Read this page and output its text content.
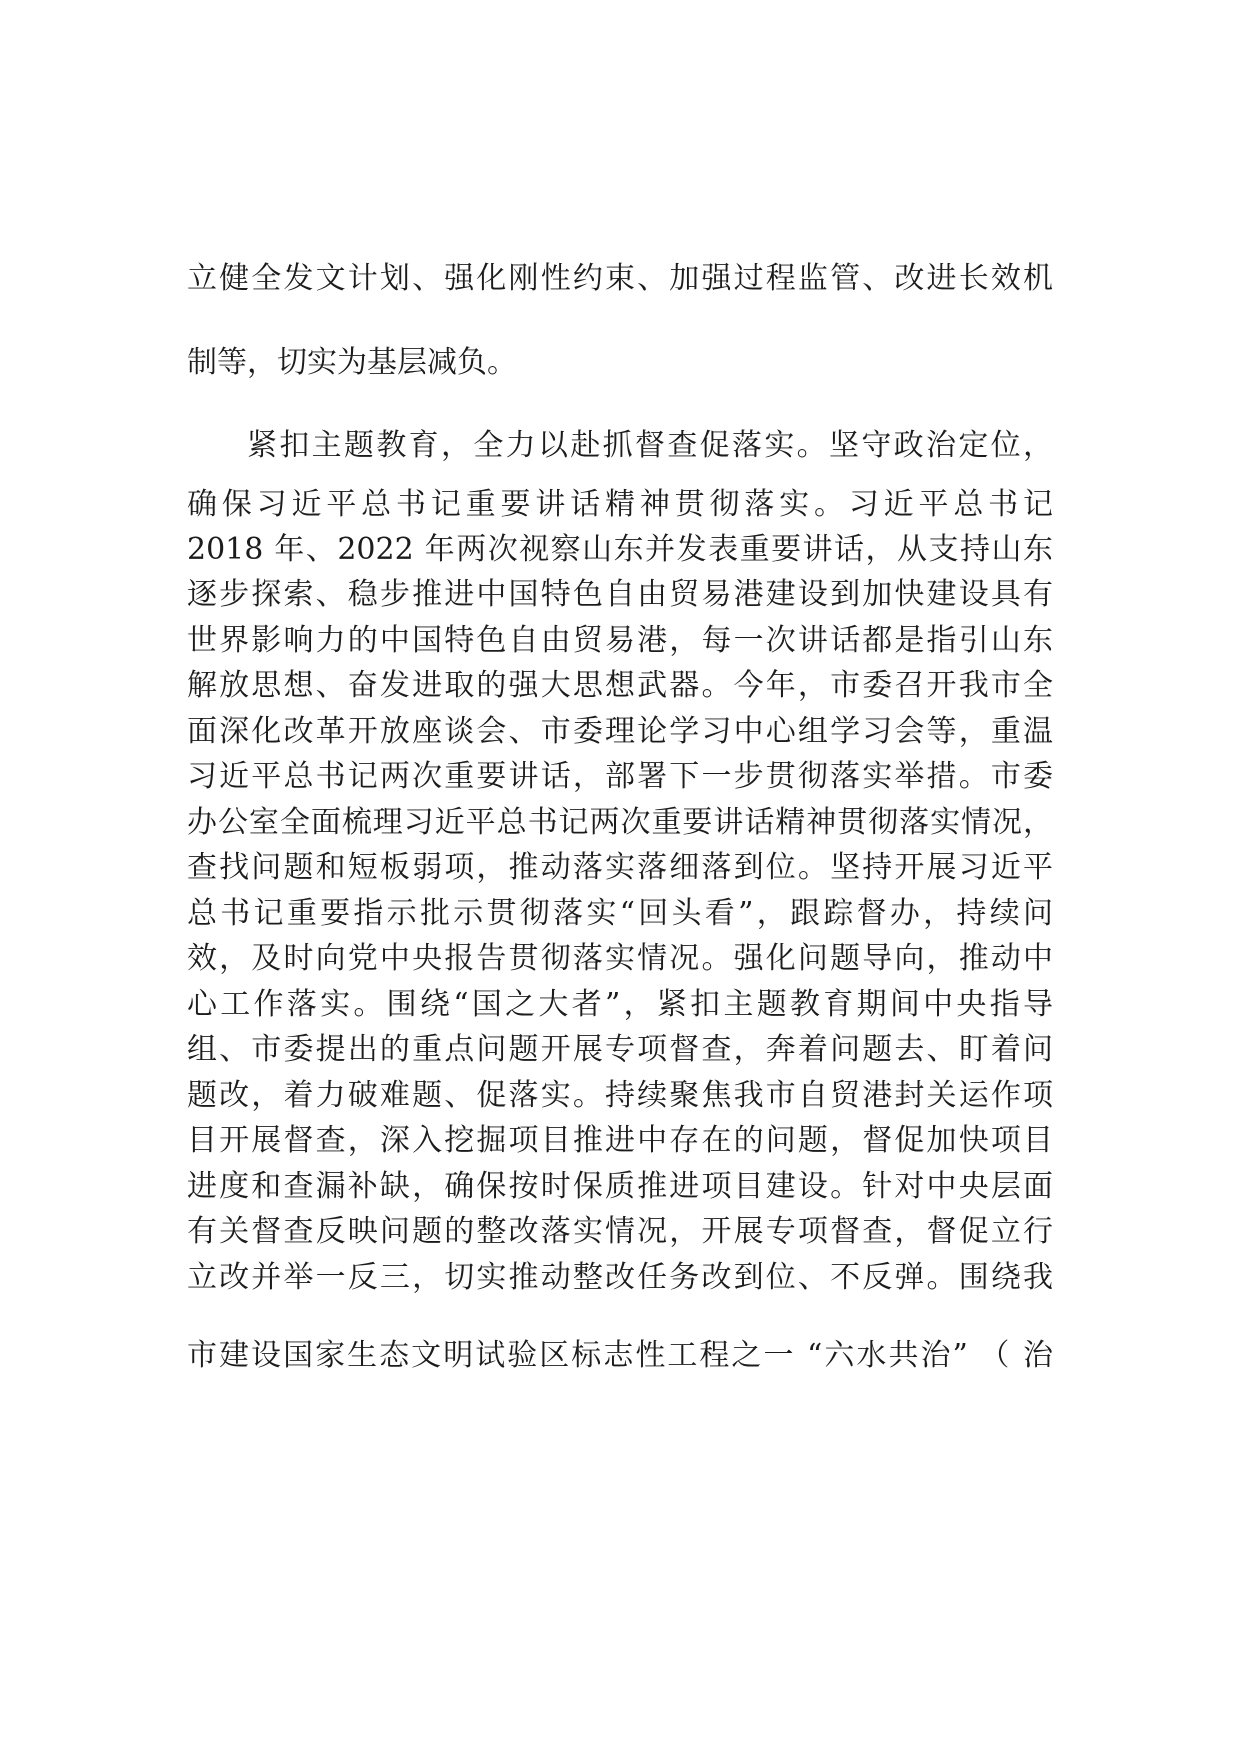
立健全发文计划、强化刚性约束、加强过程监管、改进长效机
制等，切实为基层减负。
紧扣主题教育，全力以赴抓督查促落实。坚守政治定位，
确保习近平总书记重要讲话精神贯彻落实。习近平总书记
2018 年、2022 年两次视察山东并发表重要讲话，从支持山东
逐步探索、稳步推进中国特色自由贸易港建设到加快建设具有
世界影响力的中国特色自由贸易港，每一次讲话都是指引山东
解放思想、奋发进取的强大思想武器。今年，市委召开我市全
面深化改革开放座谈会、市委理论学习中心组学习会等，重温
习近平总书记两次重要讲话，部署下一步贯彻落实举措。市委
办公室全面梳理习近平总书记两次重要讲话精神贯彻落实情况，
查找问题和短板弱项，推动落实落细落到位。坚持开展习近平
总书记重要指示批示贯彻落实“回头看”，跟踪督办，持续问
效，及时向党中央报告贯彻落实情况。强化问题导向，推动中
心工作落实。围绕“国之大者”，紧扣主题教育期间中央指导
组、市委提出的重点问题开展专项督查，奔着问题去、盯着问
题改，着力破难题、促落实。持续聚焦我市自贸港封关运作项
目开展督查，深入挖掘项目推进中存在的问题，督促加快项目
进度和查漏补缺，确保按时保质推进项目建设。针对中央层面
有关督查反映问题的整改落实情况，开展专项督查，督促立行
立改并举一反三，切实推动整改任务改到位、不反弹。围绕我
市建设国家生态文明试验区标志性工程之一 “六水共治” （ 治
